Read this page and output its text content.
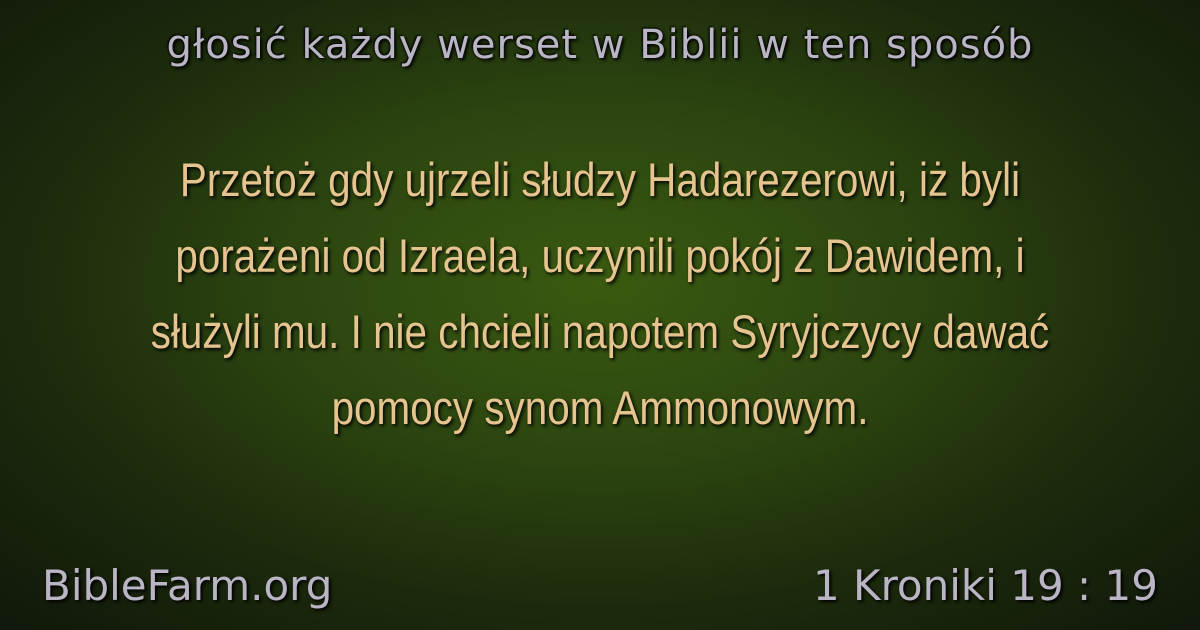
głosić każdy werset w Biblii w ten sposób
Przetoż gdy ujrzeli słudzy Hadarezerowi, iż byli porażeni od Izraela, uczynili pokój z Dawidem, i służyli mu. I nie chcieli napotem Syryjczycy dawać pomocy synom Ammonowym.
BibleFarm.org	1 Kroniki 19 : 19
